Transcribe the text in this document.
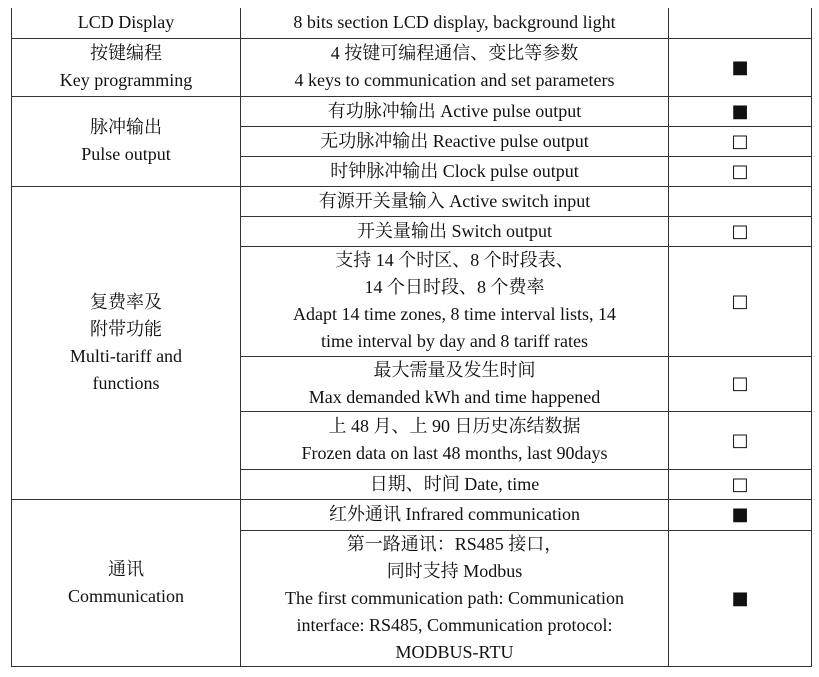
LCD Display	8 bits section LCD display, background light	

按键编程
Key programming	4 按键可编程通信、变比等参数
4 keys to communication and set parameters	■

脉冲输出
Pulse output	有功脉冲输出 Active pulse output	■

	无功脉冲输出 Reactive pulse output	□

	时钟脉冲输出 Clock pulse output	□

复费率及
附带功能
Multi-tariff and
functions	有源开关量输入 Active switch input	

	开关量输出 Switch output	□

	支持 14 个时区、8 个时段表、
14 个日时段、8 个费率
Adapt 14 time zones, 8 time interval lists, 14
time interval by day and 8 tariff rates	□

	最大需量及发生时间
Max demanded kWh and time happened	□

	上 48 月、上 90 日历史冻结数据
Frozen data on last 48 months, last 90days	□

	日期、时间 Date, time	□

通讯
Communication	红外通讯 Infrared communication	■

	第一路通讯：RS485 接口，
同时支持 Modbus
The first communication path: Communication
interface: RS485, Communication protocol:
MODBUS-RTU	■
